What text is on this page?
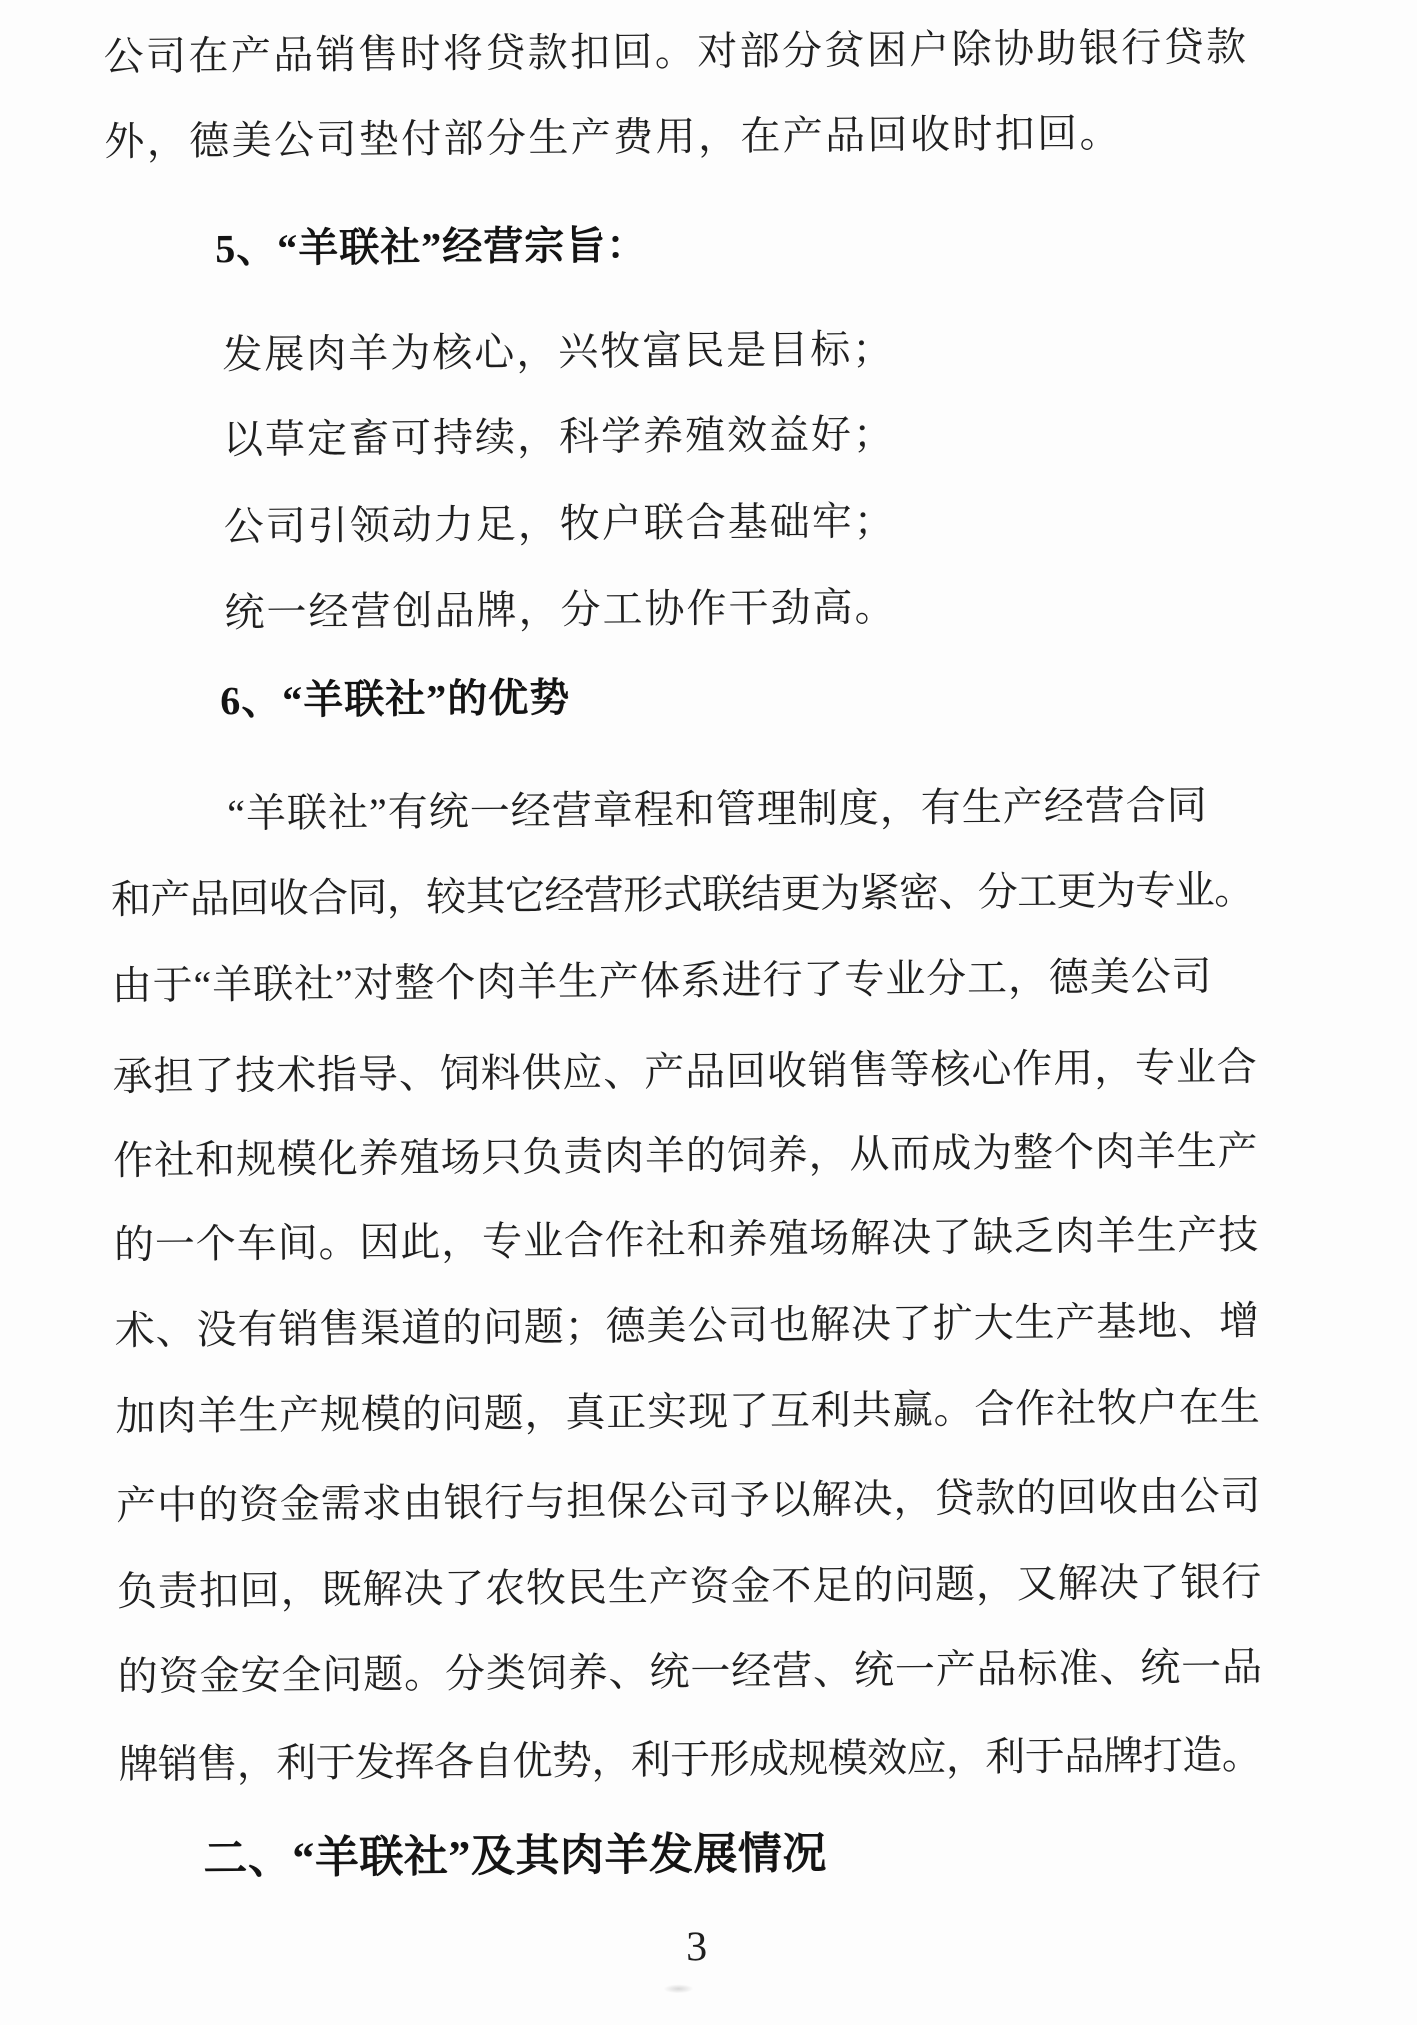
公司在产品销售时将贷款扣回。对部分贫困户除协助银行贷款
外，德美公司垫付部分生产费用，在产品回收时扣回。
5、“羊联社”经营宗旨：
发展肉羊为核心，兴牧富民是目标；
以草定畜可持续，科学养殖效益好；
公司引领动力足，牧户联合基础牢；
统一经营创品牌，分工协作干劲高。
6、“羊联社”的优势
“羊联社”有统一经营章程和管理制度，有生产经营合同
和产品回收合同，较其它经营形式联结更为紧密、分工更为专业。
由于“羊联社”对整个肉羊生产体系进行了专业分工，德美公司
承担了技术指导、饲料供应、产品回收销售等核心作用，专业合
作社和规模化养殖场只负责肉羊的饲养，从而成为整个肉羊生产
的一个车间。因此，专业合作社和养殖场解决了缺乏肉羊生产技
术、没有销售渠道的问题；德美公司也解决了扩大生产基地、增
加肉羊生产规模的问题，真正实现了互利共赢。合作社牧户在生
产中的资金需求由银行与担保公司予以解决，贷款的回收由公司
负责扣回，既解决了农牧民生产资金不足的问题，又解决了银行
的资金安全问题。分类饲养、统一经营、统一产品标准、统一品
牌销售，利于发挥各自优势，利于形成规模效应，利于品牌打造。
二、“羊联社”及其肉羊发展情况
3
